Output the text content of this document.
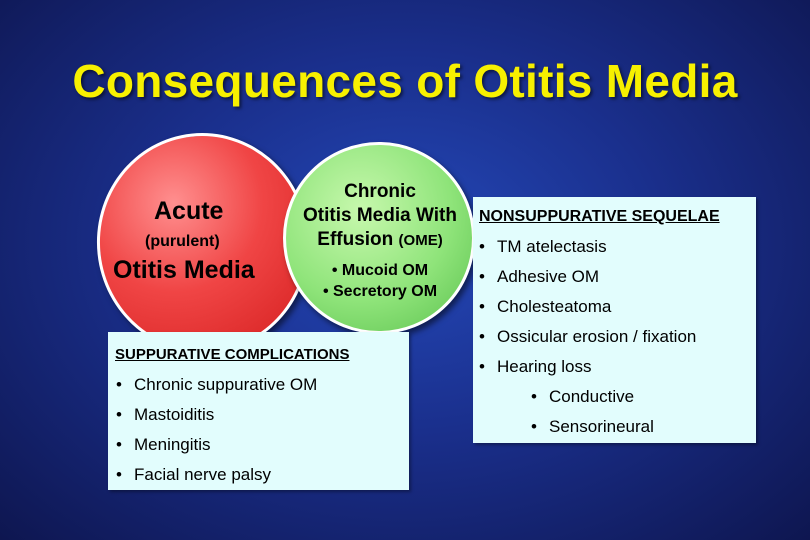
Consequences of Otitis Media
Acute
(purulent)
Otitis Media
Chronic
Otitis Media With
Effusion (OME)
• Mucoid OM
• Secretory OM
SUPPURATIVE COMPLICATIONS
• Chronic suppurative OM
• Mastoiditis
• Meningitis
• Facial nerve palsy
NONSUPPURATIVE SEQUELAE
• TM atelectasis
• Adhesive OM
• Cholesteatoma
• Ossicular erosion / fixation
• Hearing loss
• Conductive
• Sensorineural
